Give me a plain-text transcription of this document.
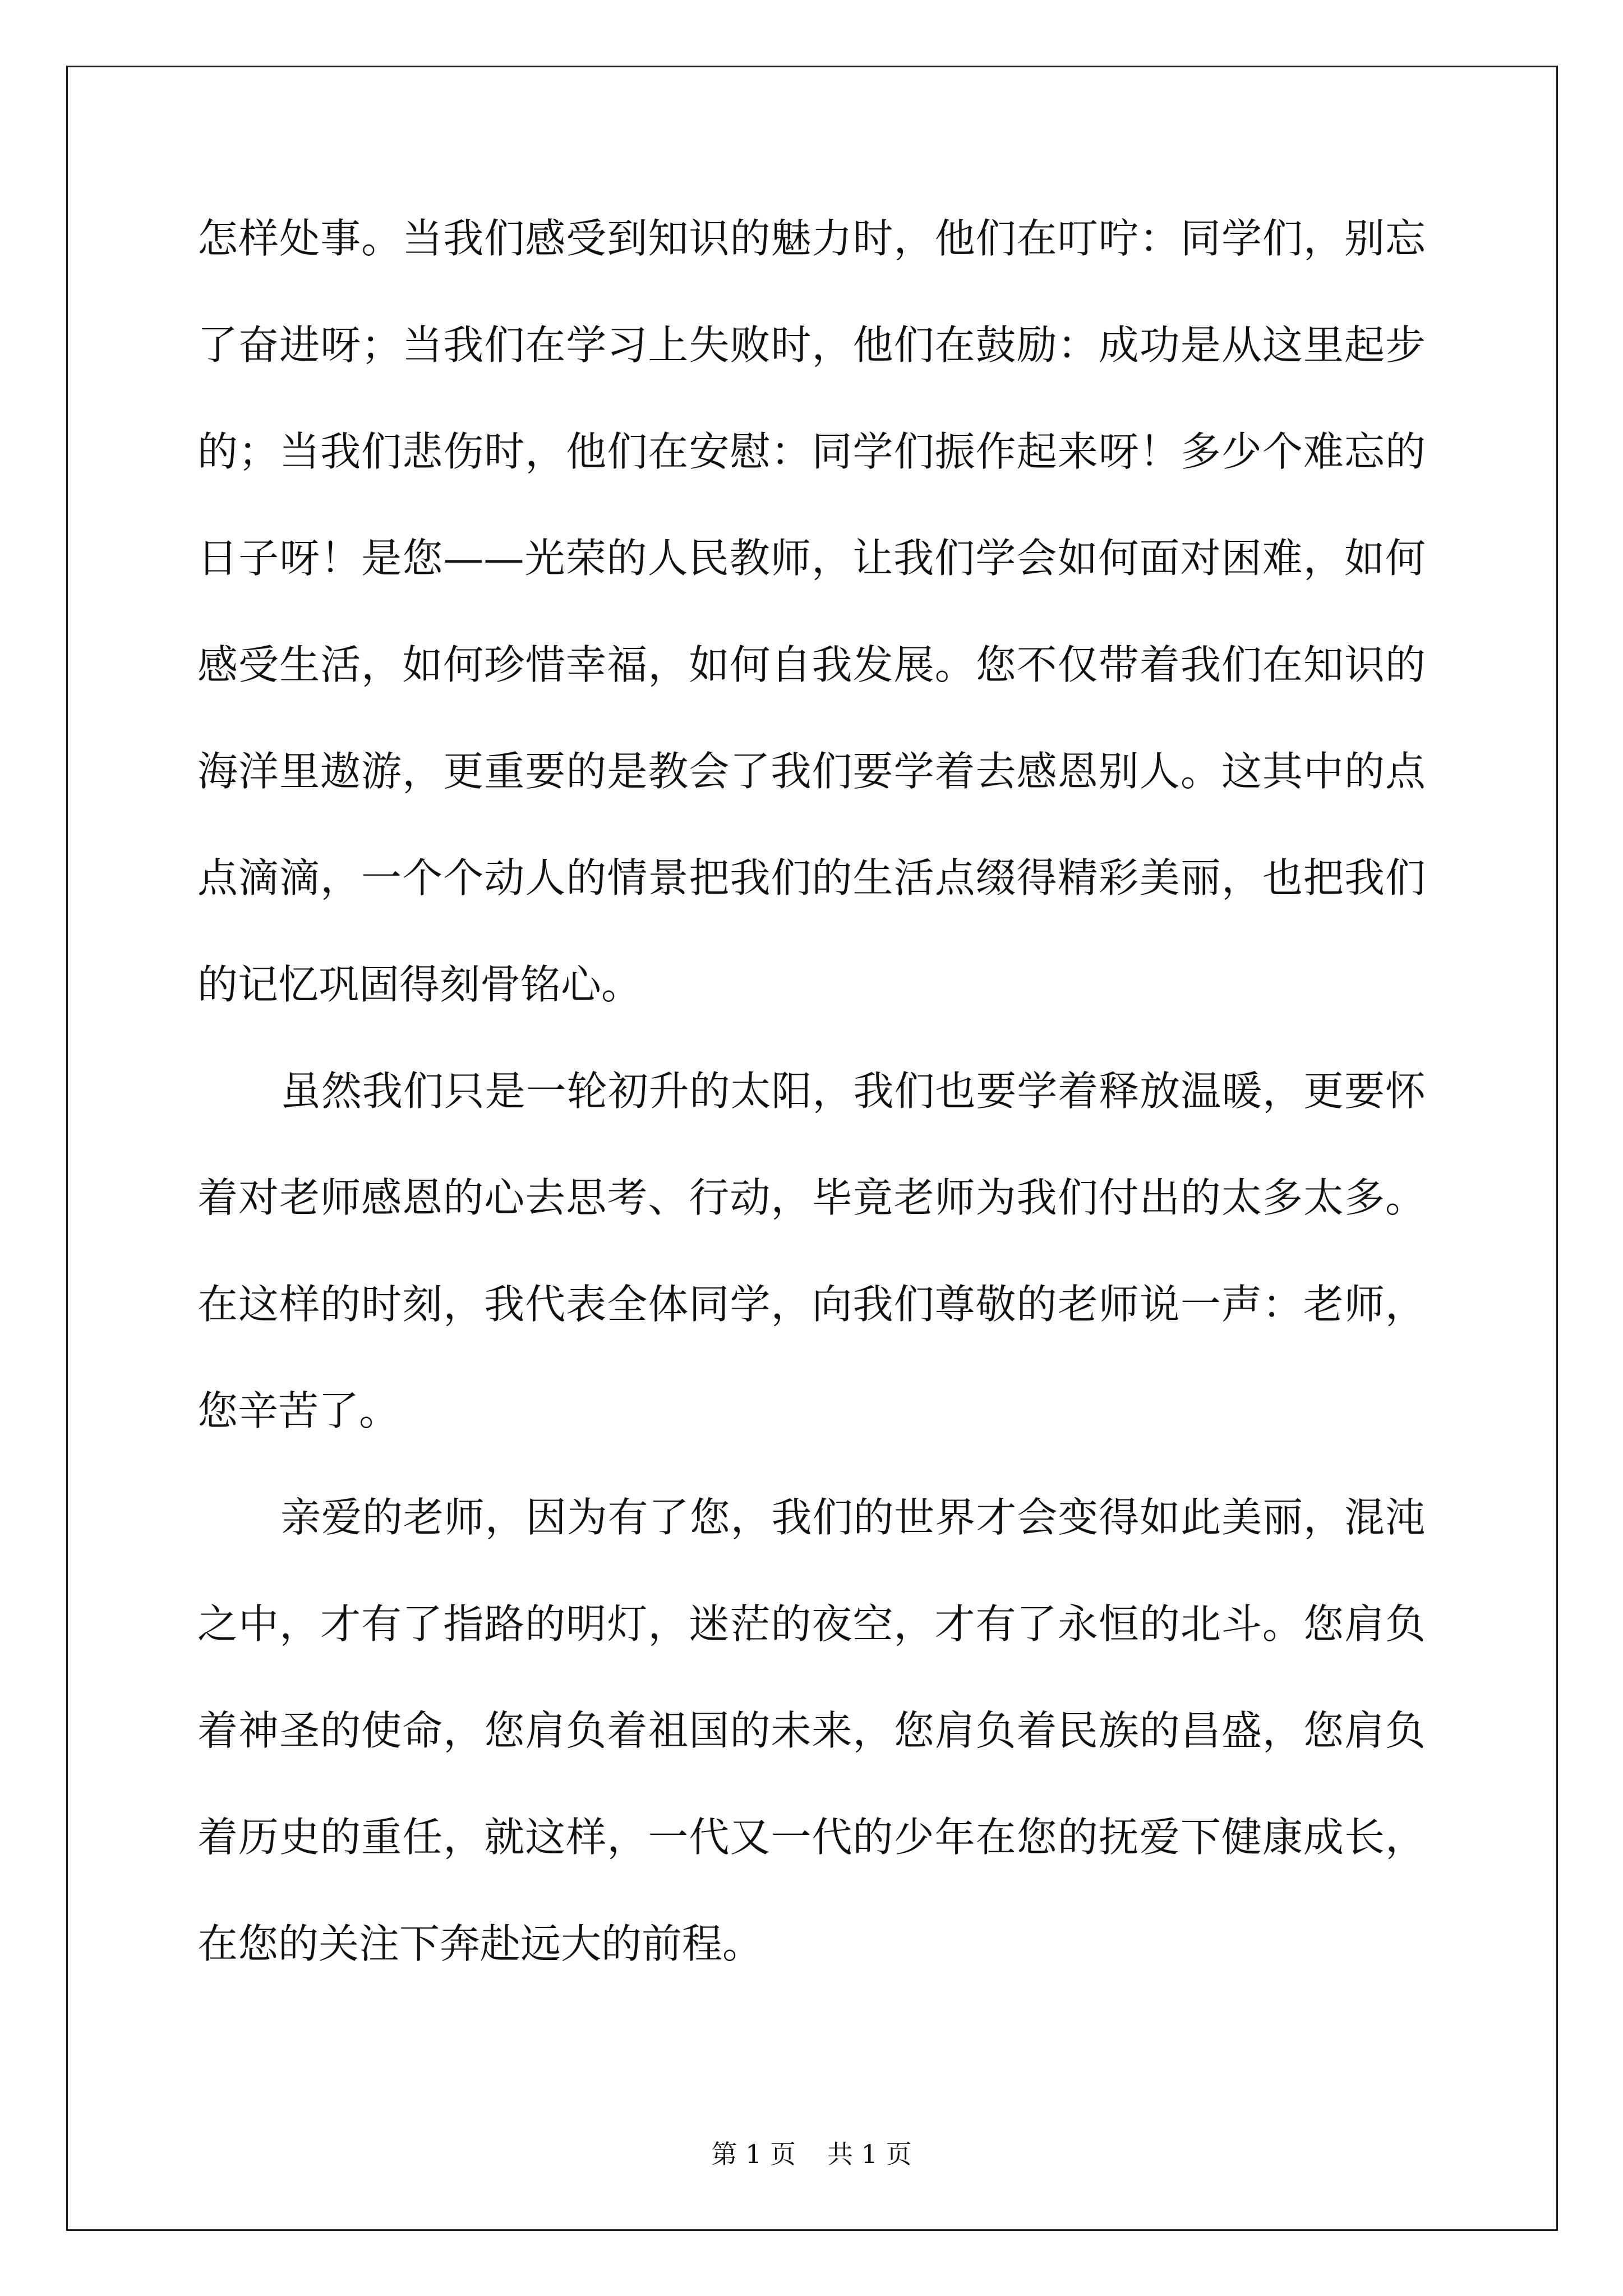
怎样处事。当我们感受到知识的魅力时，他们在叮咛：同学们，别忘了奋进呀；当我们在学习上失败时，他们在鼓励：成功是从这里起步的；当我们悲伤时，他们在安慰：同学们振作起来呀！多少个难忘的日子呀！是您——光荣的人民教师，让我们学会如何面对困难，如何感受生活，如何珍惜幸福，如何自我发展。您不仅带着我们在知识的海洋里遨游，更重要的是教会了我们要学着去感恩别人。这其中的点点滴滴，一个个动人的情景把我们的生活点缀得精彩美丽，也把我们的记忆巩固得刻骨铭心。

虽然我们只是一轮初升的太阳，我们也要学着释放温暖，更要怀着对老师感恩的心去思考、行动，毕竟老师为我们付出的太多太多。在这样的时刻，我代表全体同学，向我们尊敬的老师说一声：老师，您辛苦了。

亲爱的老师，因为有了您，我们的世界才会变得如此美丽，混沌之中，才有了指路的明灯，迷茫的夜空，才有了永恒的北斗。您肩负着神圣的使命，您肩负着祖国的未来，您肩负着民族的昌盛，您肩负着历史的重任，就这样，一代又一代的少年在您的抚爱下健康成长，在您的关注下奔赴远大的前程。

第 1 页 共 1 页
